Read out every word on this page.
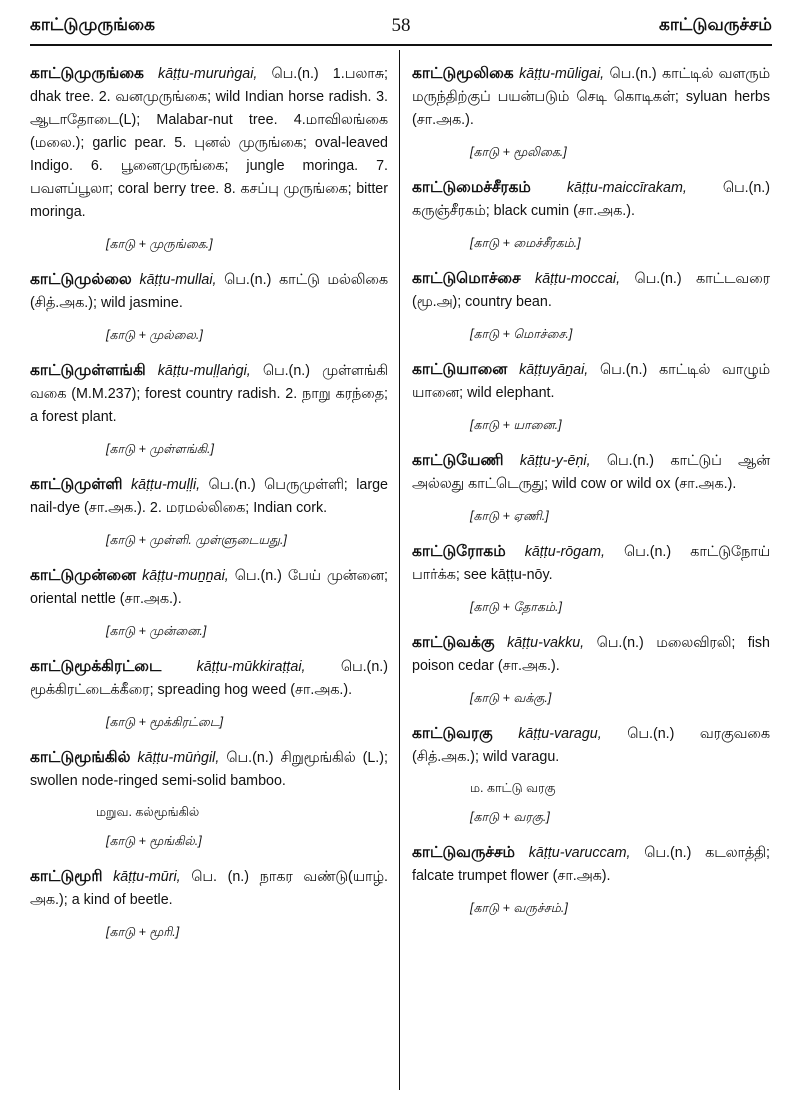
காட்டுமுருங்கை	58	காட்டுவருச்சம்
காட்டுமுருங்கை kāṭṭu-muruṅgai, பெ.(n.) 1.பலாசு; dhak tree. 2. வனமுருங்கை; wild Indian horse radish. 3. ஆடாதோடை(L); Malabar-nut tree. 4.மாவிலங்கை (மலை.); garlic pear. 5. புனல் முருங்கை; oval-leaved Indigo. 6. பூனைமுருங்கை; jungle moringa. 7. பவளப்பூலா; coral berry tree. 8. கசப்பு முருங்கை; bitter moringa.
[காடு + முருங்கை.]
காட்டுமுல்லை kāṭṭu-mullai, பெ.(n.) காட்டு மல்லிகை (சித்.அக.); wild jasmine.
[காடு + முல்லை.]
காட்டுமுள்ளங்கி kāṭṭu-muḷḷaṅgi, பெ.(n.) முள்ளங்கி வகை (M.M.237); forest country radish. 2. நாறு கரந்தை; a forest plant.
[காடு + முள்ளங்கி.]
காட்டுமுள்ளி kāṭṭu-muḷḷi, பெ.(n.) பெருமுள்ளி; large nail-dye (சா.அக.). 2. மரமல்லிகை; Indian cork.
[காடு + முள்ளி. முள்ளுடையது.]
காட்டுமுன்னை kāṭṭu-muṉṉai, பெ.(n.) பேய் முன்னை; oriental nettle (சா.அக.).
[காடு + முன்னை.]
காட்டுமூக்கிரட்டை kāṭṭu-mūkkiraṭṭai, பெ.(n.) மூக்கிரட்டைக்கீரை; spreading hog weed (சா.அக.).
[காடு + மூக்கிரட்டை]
காட்டுமூங்கில் kāṭṭu-mūṅgil, பெ.(n.) சிறுமூங்கில் (L.); swollen node-ringed semi-solid bamboo.
மறுவ. கல்மூங்கில்
[காடு + மூங்கில்.]
காட்டுமூரி kāṭṭu-mūri, பெ. (n.) நாகர வண்டு(யாழ். அக.); a kind of beetle.
[காடு + மூரி.]
காட்டுமூலிகை kāṭṭu-mūligai, பெ.(n.) காட்டில் வளரும் மருந்திற்குப் பயன்படும் செடி கொடிகள்; syluan herbs (சா.அக.).
[காடு + மூலிகை.]
காட்டுமைச்சீரகம்	kāṭṭu-maiccīrakam, பெ.(n.) கருஞ்சீரகம்; black cumin (சா.அக.).
[காடு + மைச்சீரகம்.]
காட்டுமொச்சை kāṭṭu-moccai, பெ.(n.) காட்டவரை (மூ.அ); country bean.
[காடு + மொச்சை.]
காட்டுயானை kāṭṭuyāṉai, பெ.(n.) காட்டில் வாழும் யானை; wild elephant.
[காடு + யானை.]
காட்டுயேணி kāṭṭu-y-ēṇi, பெ.(n.) காட்டுப் ஆன் அல்லது காட்டெருது; wild cow or wild ox (சா.அக.).
[காடு + ஏணி.]
காட்டுரோகம் kāṭṭu-rōgam, பெ.(n.) காட்டுநோய் பார்க்க; see kāṭṭu-nōy.
[காடு + தோகம்.]
காட்டுவக்கு kāṭṭu-vakku, பெ.(n.) மலைவிரலி; fish poison cedar (சா.அக.).
[காடு + வக்கு.]
காட்டுவரகு kāṭṭu-varagu, பெ.(n.) வரகுவகை (சித்.அக.); wild varagu.
ம. காட்டு வரகு
[காடு + வரகு.]
காட்டுவருச்சம் kāṭṭu-varuccam, பெ.(n.) கடலாத்தி; falcate trumpet flower (சா.அக).
[காடு + வருச்சம்.]
